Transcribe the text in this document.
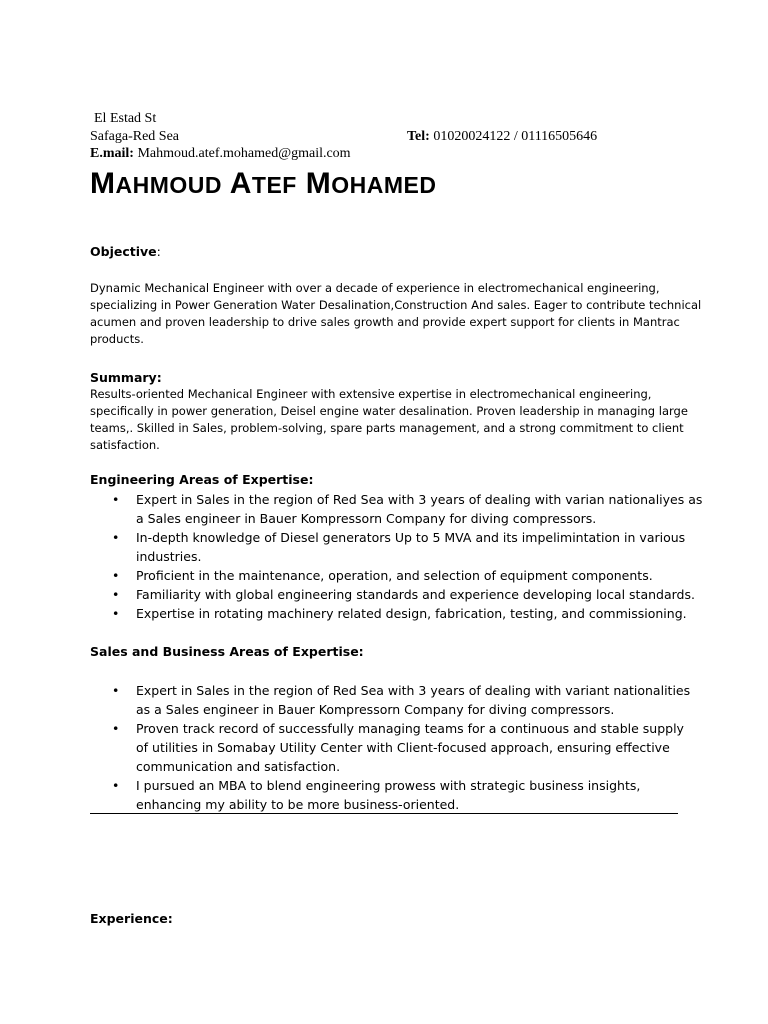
El Estad St
Safaga-Red Sea	Tel: 01020024122 / 01116505646
E.mail: Mahmoud.atef.mohamed@gmail.com
MAHMOUD ATEF MOHAMED
Objective:
Dynamic Mechanical Engineer with over a decade of experience in electromechanical engineering,
specializing in Power Generation Water Desalination,Construction And sales. Eager to contribute technical
acumen and proven leadership to drive sales growth and provide expert support for clients in Mantrac
products.
Summary:
Results-oriented Mechanical Engineer with extensive expertise in electromechanical engineering,
specifically in power generation, Deisel engine water desalination. Proven leadership in managing large
teams,. Skilled in Sales, problem-solving, spare parts management, and a strong commitment to client
satisfaction.
Engineering Areas of Expertise:
• Expert in Sales in the region of Red Sea with 3 years of dealing with varian nationaliyes as
a Sales engineer in Bauer Kompressorn Company for diving compressors.
• In-depth knowledge of Diesel generators Up to 5 MVA and its impelimintation in various
industries.
• Proficient in the maintenance, operation, and selection of equipment components.
• Familiarity with global engineering standards and experience developing local standards.
• Expertise in rotating machinery related design, fabrication, testing, and commissioning.
Sales and Business Areas of Expertise:
• Expert in Sales in the region of Red Sea with 3 years of dealing with variant nationalities
as a Sales engineer in Bauer Kompressorn Company for diving compressors.
• Proven track record of successfully managing teams for a continuous and stable supply
of utilities in Somabay Utility Center with Client-focused approach, ensuring effective
communication and satisfaction.
• I pursued an MBA to blend engineering prowess with strategic business insights,
enhancing my ability to be more business-oriented.
Experience:
